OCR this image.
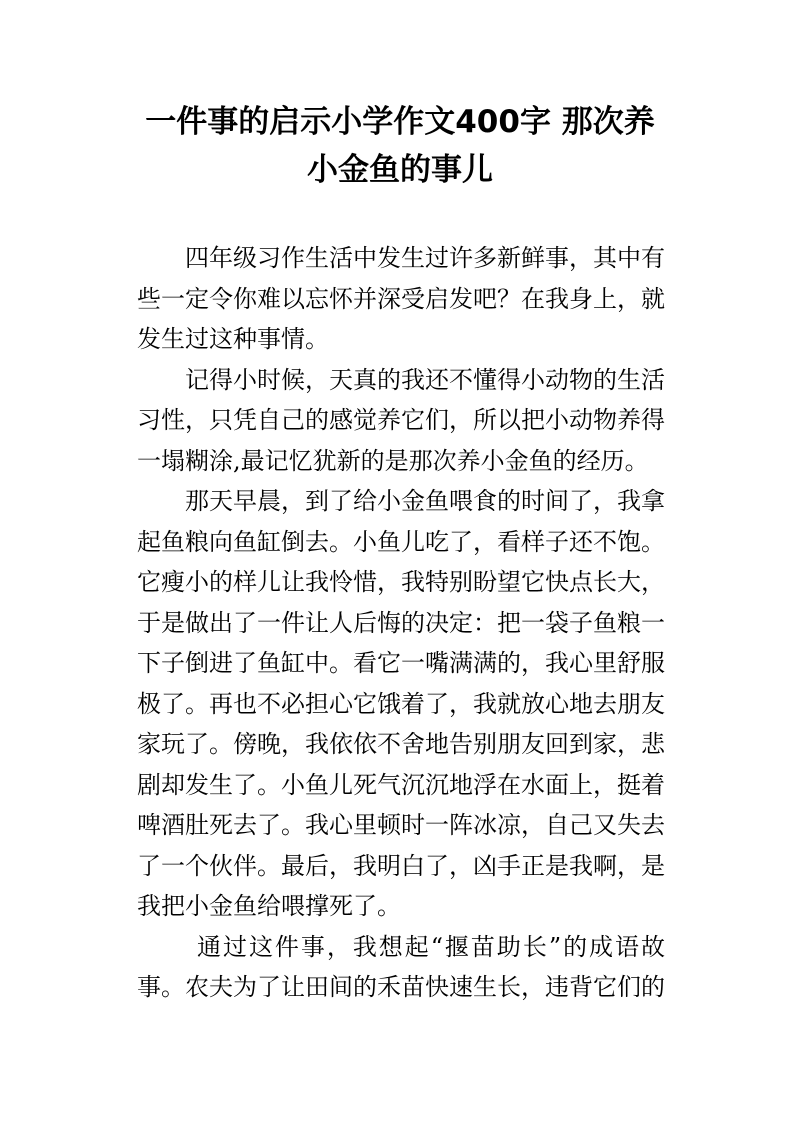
一件事的启示小学作文400字 那次养
小金鱼的事儿

四年级习作生活中发生过许多新鲜事，其中有些一定令你难以忘怀并深受启发吧？在我身上，就发生过这种事情。

记得小时候，天真的我还不懂得小动物的生活习性，只凭自己的感觉养它们，所以把小动物养得一塌糊涂,最记忆犹新的是那次养小金鱼的经历。

那天早晨，到了给小金鱼喂食的时间了，我拿起鱼粮向鱼缸倒去。小鱼儿吃了，看样子还不饱。它瘦小的样儿让我怜惜，我特别盼望它快点长大，于是做出了一件让人后悔的决定：把一袋子鱼粮一下子倒进了鱼缸中。看它一嘴满满的，我心里舒服极了。再也不必担心它饿着了，我就放心地去朋友家玩了。傍晚，我依依不舍地告别朋友回到家，悲剧却发生了。小鱼儿死气沉沉地浮在水面上，挺着啤酒肚死去了。我心里顿时一阵冰凉，自己又失去了一个伙伴。最后，我明白了，凶手正是我啊，是我把小金鱼给喂撑死了。

通过这件事，我想起“揠苗助长”的成语故事。农夫为了让田间的禾苗快速生长，违背它们的
